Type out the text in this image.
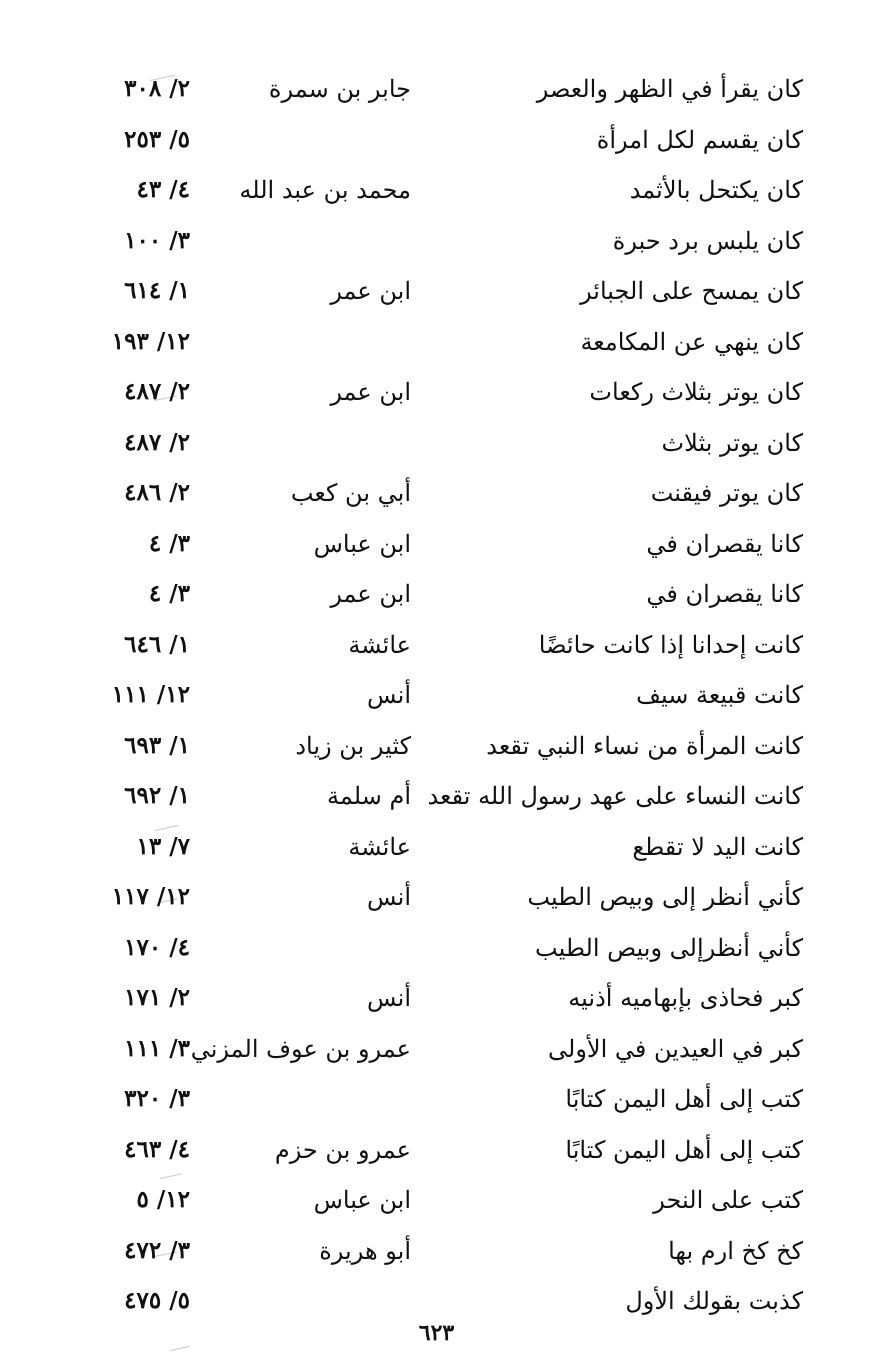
كان يقرأ في الظهر والعصر
جابر بن سمرة
٢/ ٣٠٨
كان يقسم لكل امرأة
٥/ ٢٥٣
كان يكتحل بالأثمد
محمد بن عبد الله
٤/ ٤٣
كان يلبس برد حبرة
٣/ ١٠٠
كان يمسح على الجبائر
ابن عمر
١/ ٦١٤
كان ينهي عن المكامعة
١٢/ ١٩٣
كان يوتر بثلاث ركعات
ابن عمر
٢/ ٤٨٧
كان يوتر بثلاث
٢/ ٤٨٧
كان يوتر فيقنت
أبي بن كعب
٢/ ٤٨٦
كانا يقصران في
ابن عباس
٣/ ٤
كانا يقصران في
ابن عمر
٣/ ٤
كانت إحدانا إذا كانت حائضًا
عائشة
١/ ٦٤٦
كانت قبيعة سيف
أنس
١٢/ ١١١
كانت المرأة من نساء النبي تقعد
كثير بن زياد
١/ ٦٩٣
كانت النساء على عهد رسول الله تقعد
أم سلمة
١/ ٦٩٢
كانت اليد لا تقطع
عائشة
٧/ ١٣
كأني أنظر إلى وبيص الطيب
أنس
١٢/ ١١٧
كأني أنظرإلى وبيص الطيب
٤/ ١٧٠
كبر فحاذى بإبهاميه أذنيه
أنس
٢/ ١٧١
كبر في العيدين في الأولى
عمرو بن عوف المزني
٣/ ١١١
كتب إلى أهل اليمن كتابًا
٣/ ٣٢٠
كتب إلى أهل اليمن كتابًا
عمرو بن حزم
٤/ ٤٦٣
كتب على النحر
ابن عباس
١٢/ ٥
كخ كخ ارم بها
أبو هريرة
٣/ ٤٧٢
كذبت بقولك الأول
٥/ ٤٧٥
٦٢٣
